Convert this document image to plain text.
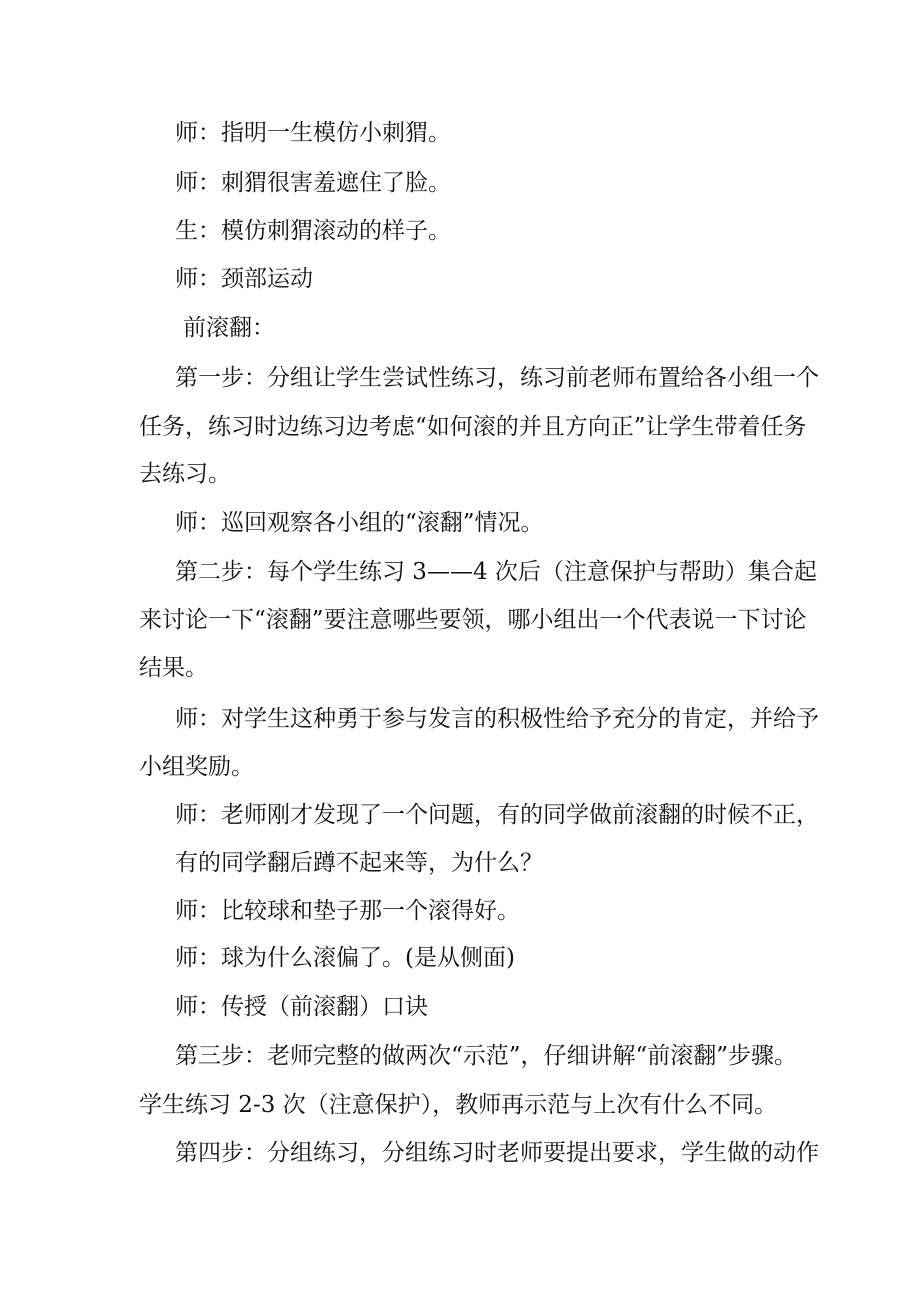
师：指明一生模仿小刺猬。
师：刺猬很害羞遮住了脸。
生：模仿刺猬滚动的样子。
师：颈部运动
前滚翻：
第一步：分组让学生尝试性练习，练习前老师布置给各小组一个
任务，练习时边练习边考虑“如何滚的并且方向正”让学生带着任务
去练习。
师：巡回观察各小组的“滚翻”情况。
第二步：每个学生练习 3——4 次后（注意保护与帮助）集合起
来讨论一下“滚翻”要注意哪些要领，哪小组出一个代表说一下讨论
结果。
师：对学生这种勇于参与发言的积极性给予充分的肯定，并给予
小组奖励。
师：老师刚才发现了一个问题，有的同学做前滚翻的时候不正，
有的同学翻后蹲不起来等，为什么？
师：比较球和垫子那一个滚得好。
师：球为什么滚偏了。(是从侧面)
师：传授（前滚翻）口诀
第三步：老师完整的做两次“示范”，仔细讲解“前滚翻”步骤。
学生练习 2-3 次（注意保护），教师再示范与上次有什么不同。
第四步：分组练习，分组练习时老师要提出要求，学生做的动作
